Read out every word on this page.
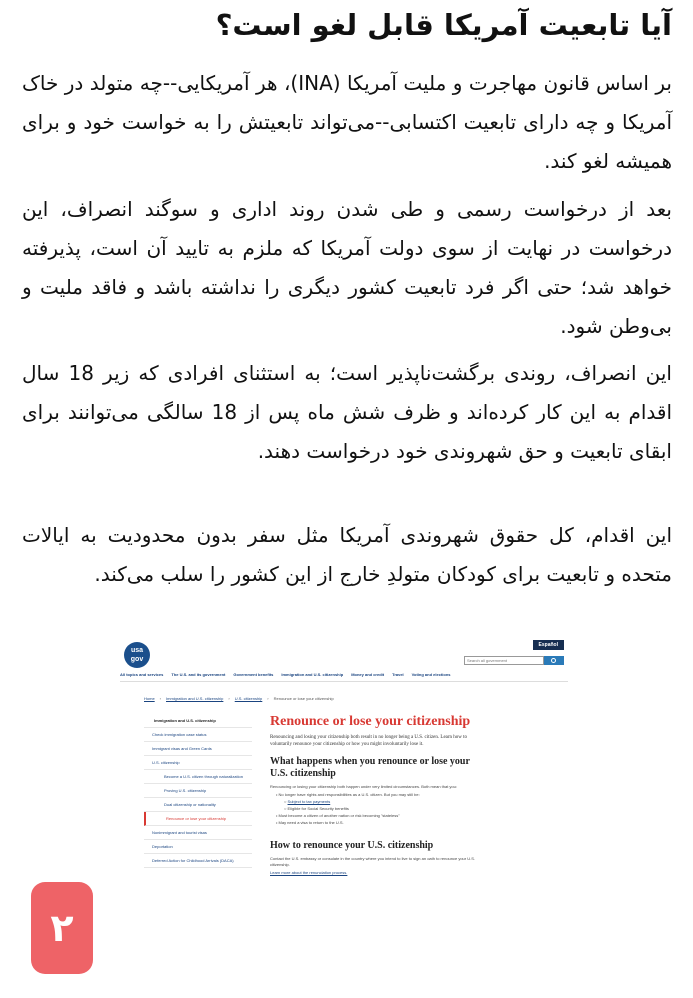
آیا تابعیت آمریکا قابل لغو است؟

بر اساس قانون مهاجرت و ملیت آمریکا (INA)، هر آمریکایی--چه متولد در خاک آمریکا و چه دارای تابعیت اکتسابی--می‌تواند تابعیتش را به خواست خود و برای همیشه لغو کند.

بعد از درخواست رسمی و طی شدن روند اداری و سوگند انصراف، این درخواست در نهایت از سوی دولت آمریکا که ملزم به تایید آن است، پذیرفته خواهد شد؛ حتی اگر فرد تابعیت کشور دیگری را نداشته باشد و فاقد ملیت و بی‌وطن شود.

این انصراف، روندی برگشت‌ناپذیر است؛ به استثنای افرادی که زیر 18 سال اقدام به این کار کرده‌اند و ظرف شش ماه پس از 18 سالگی می‌توانند برای ابقای تابعیت و حق شهروندی خود درخواست دهند.

این اقدام، کل حقوق شهروندی آمریکا مثل سفر بدون محدودیت به ایالات متحده و تابعیت برای کودکان متولدِ خارج از این کشور را سلب می‌کند.

usa gov
Español
Search all government
All topics and services The U.S. and its government Government benefits Immigration and U.S. citizenship Money and credit Travel Voting and elections
Home › Immigration and U.S. citizenship › U.S. citizenship › Renounce or lose your citizenship
Immigration and U.S. citizenship
Check immigration case status
Immigrant visas and Green Cards
U.S. citizenship
Become a U.S. citizen through naturalization
Proving U.S. citizenship
Dual citizenship or nationality
Renounce or lose your citizenship
Nonimmigrant and tourist visas
Deportation
Deferred Action for Childhood Arrivals (DACA)
Renounce or lose your citizenship

Renouncing and losing your citizenship both result in no longer being a U.S. citizen. Learn how to voluntarily renounce your citizenship or how you might involuntarily lose it.

What happens when you renounce or lose your U.S. citizenship

Renouncing or losing your citizenship both happen under very limited circumstances. Both mean that you:

• No longer have rights and responsibilities as a U.S. citizen. But you may still be:

○ Subject to tax payments

○ Eligible for Social Security benefits

• Must become a citizen of another nation or risk becoming "stateless"

• May need a visa to return to the U.S.

How to renounce your U.S. citizenship

Contact the U.S. embassy or consulate in the country where you intend to live to sign an oath to renounce your U.S. citizenship.

Learn more about the renunciation process.

۲
